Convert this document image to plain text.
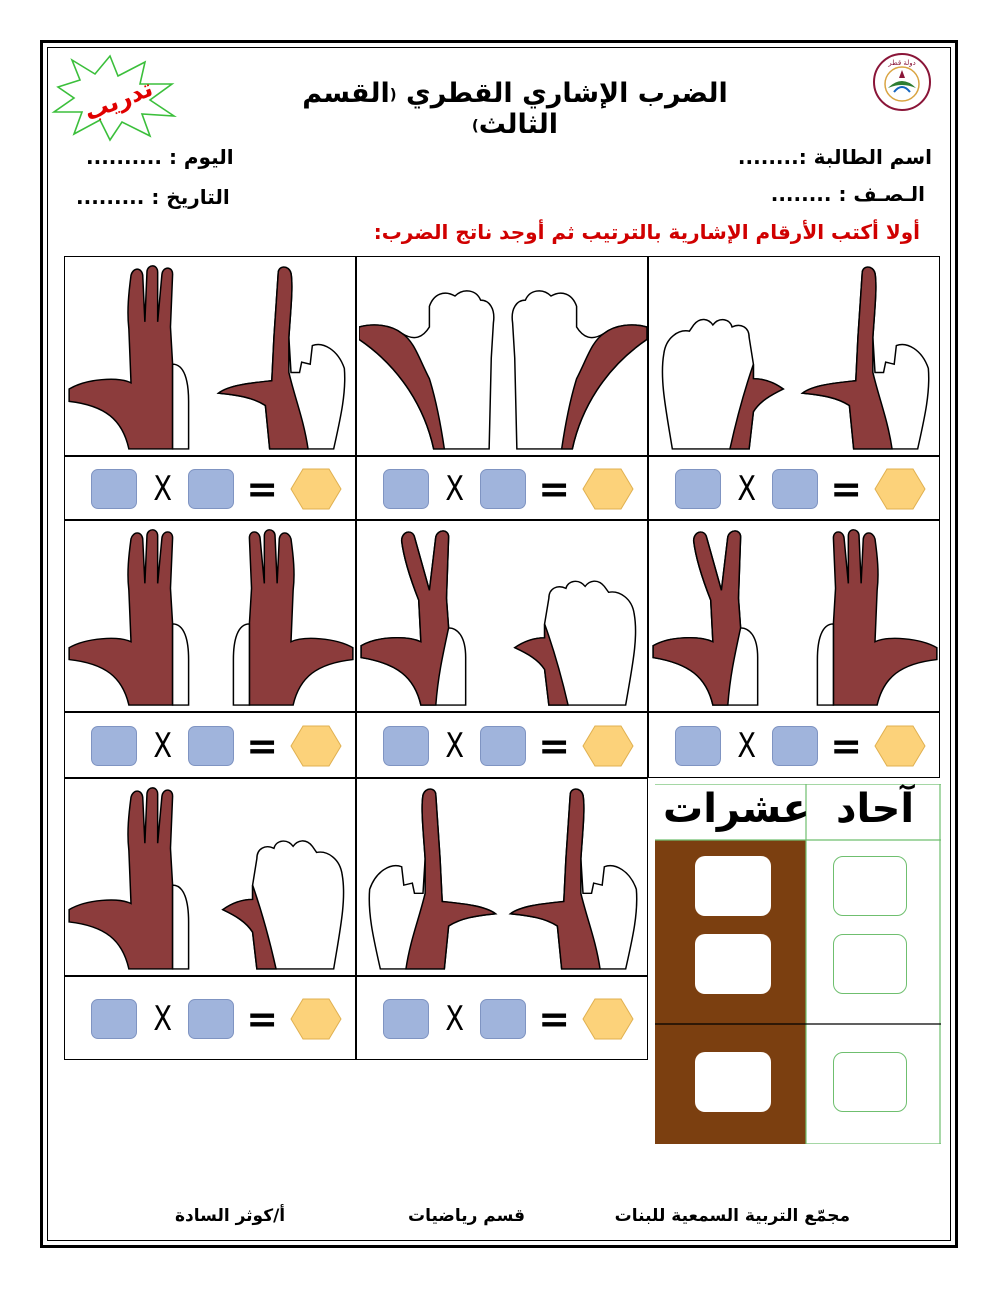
تدريب
دولة قطر
الضرب الإشاري القطري (القسم الثالث)
اسم الطالبة :........
الـصـف : ........
اليوم : ..........
التاريخ : .........
أولا أكتب الأرقام الإشارية بالترتيب ثم أوجد ناتج الضرب:
عشرات آحاد
مجمّع التربية السمعية للبنات
قسم رياضيات
أ/كوثر السادة
X =
X =
X =
X =
X =
X =
X =
X =
